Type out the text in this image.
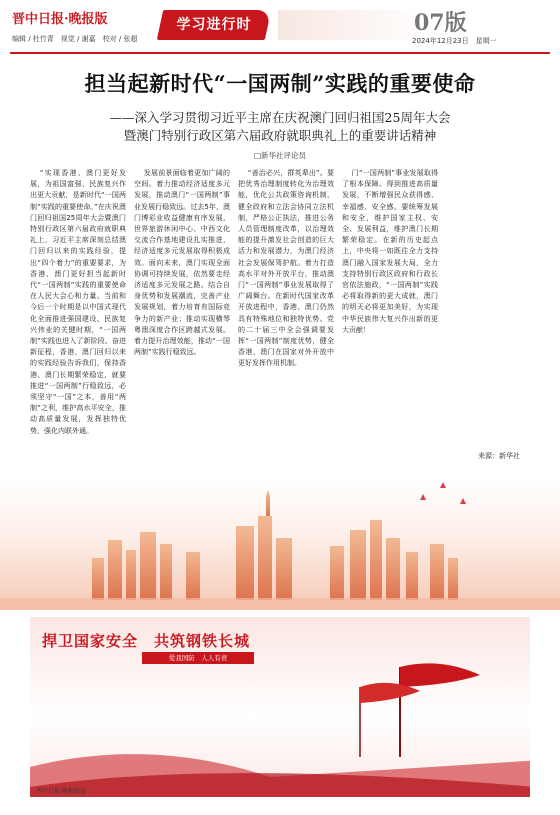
晋中日报·晚报版
编辑 / 杜竹青　视觉 / 谢嘉　校对 / 张超
学习进行时	07版
2024年12月23日　星期一
担当起新时代“一国两制”实践的重要使命
——深入学习贯彻习近平主席在庆祝澳门回归祖国25周年大会
暨澳门特别行政区第六届政府就职典礼上的重要讲话精神
□新华社评论员

“实现香港、澳门更好发展，为祖国富强、民族复兴作出更大贡献，是新时代“一国两制”实践的重要使命。”在庆祝澳门回归祖国25周年大会暨澳门特别行政区第六届政府就职典礼上，习近平主席深刻总结澳门回归以来的实践经验，提出“四个着力”的重要要求，为香港、澳门更好担当起新时代“一国两制”实践的重要使命在人民大会心和力量。当前和今后一个时期是以中国式现代化全面推进强国建设、民族复兴伟业的关键时期，“一国两制”实践也进入了新阶段。奋进新征程，香港、澳门回归以来的实践经验告诉我们，保持香港、澳门长期繁荣稳定，就要推进“一国两制”行稳致远，必须坚守“一国”之本，善用“两制”之利，维护高水平安全，推动高质量发展，发挥独特优势，强化内联外通。

发展前景面临着更加广阔的空间。着力推动经济适度多元发展，推动澳门“一国两制”事业发展行稳致远。过去5年，澳门博彩业收益健康有序发展，世界旅游休闲中心、中西文化交流合作基地建设扎实推进，经济适度多元发展取得积极成效。面向未来，澳门实现全面协调可持续发展，依然要走经济适度多元发展之路。结合自身优势和发展潮流，完善产业发展规划，着力培育有国际竞争力的新产业；推动实现横琴粤澳深度合作区跨越式发展。着力提升治理效能，推动“一国两制”实践行稳致远。

“善治必兴，群英辈出”。要把优秀治理制度转化为治理效能，优化公共政策咨询机制，健全政府和立法会协同立法机制，严格公正执法，推进公务人员管理制度改革，以治理效能的提升激发社会创造的巨大活力和发展潜力，为澳门经济社会发展保驾护航。着力打造高水平对外开放平台，推动澳门“一国两制”事业发展取得了广阔舞台。在新时代国家改革开放进程中，香港、澳门仍然具有特殊地位和独特优势。党的二十届三中全会强调要发挥“一国两制”制度优势，健全香港、澳门在国家对外开放中更好发挥作用机制。

门“一国两制”事业发展取得了根本保障。得到推进高质量发展，不断增强民众获得感、幸福感、安全感。要统筹发展和安全，维护国家主权、安全、发展利益，维护澳门长期繁荣稳定。在新的历史起点上，中央将一如既往全力支持澳门融入国家发展大局，全力支持特别行政区政府和行政长官依法施政，“一国两制”实践必将取得新的更大成就，澳门的明天必将更加美好，为实现中华民族伟大复兴作出新的更大贡献！

来源：新华社
捍卫国家安全　共筑钢铁长城
爱我国防　人人有责
晋中日报·晚报版宣
